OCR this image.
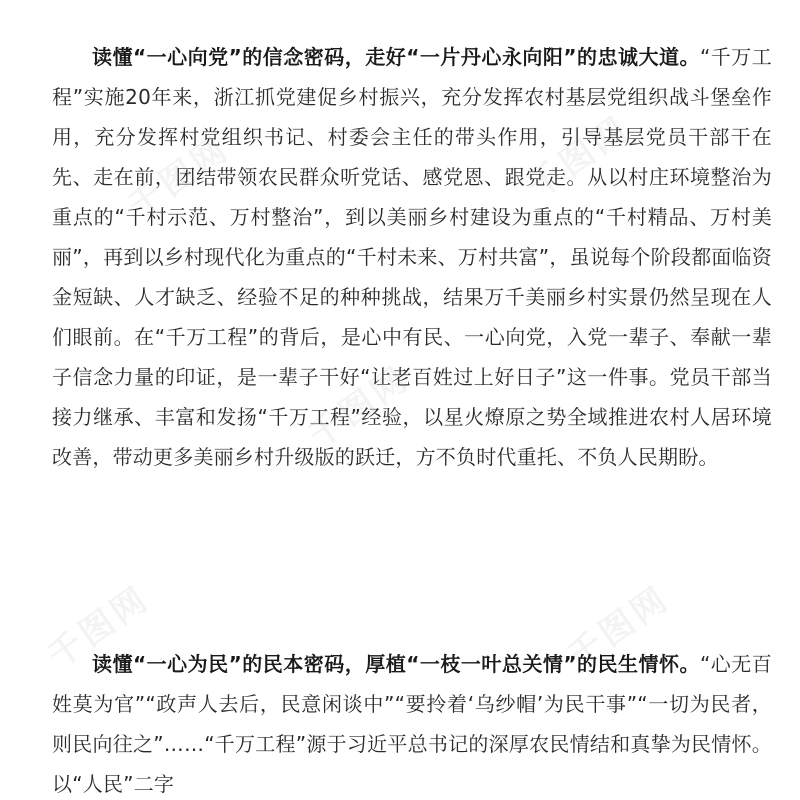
读懂“一心向党”的信念密码，走好“一片丹心永向阳”的忠诚大道。“千万工程”实施20年来，浙江抓党建促乡村振兴，充分发挥农村基层党组织战斗堡垒作用，充分发挥村党组织书记、村委会主任的带头作用，引导基层党员干部干在先、走在前，团结带领农民群众听党话、感党恩、跟党走。从以村庄环境整治为重点的“千村示范、万村整治”，到以美丽乡村建设为重点的“千村精品、万村美丽”，再到以乡村现代化为重点的“千村未来、万村共富”，虽说每个阶段都面临资金短缺、人才缺乏、经验不足的种种挑战，结果万千美丽乡村实景仍然呈现在人们眼前。在“千万工程”的背后，是心中有民、一心向党，入党一辈子、奉献一辈子信念力量的印证，是一辈子干好“让老百姓过上好日子”这一件事。党员干部当接力继承、丰富和发扬“千万工程”经验，以星火燎原之势全域推进农村人居环境改善，带动更多美丽乡村升级版的跃迁，方不负时代重托、不负人民期盼。

读懂“一心为民”的民本密码，厚植“一枝一叶总关情”的民生情怀。“心无百姓莫为官”“政声人去后，民意闲谈中”“要拎着‘乌纱帽’为民干事”“一切为民者，则民向往之”……“千万工程”源于习近平总书记的深厚农民情结和真挚为民情怀。以“人民”二字

千图网	千图网
千图网
千图网	千图网
